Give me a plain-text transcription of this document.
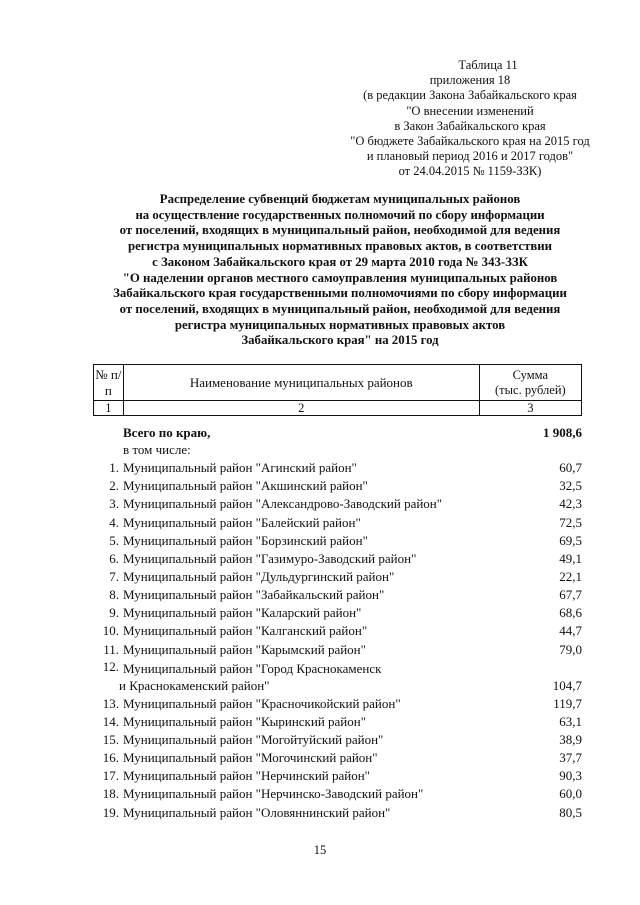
Таблица 11
приложения 18
(в редакции Закона Забайкальского края
"О внесении изменений
в Закон Забайкальского края
"О бюджете Забайкальского края на 2015 год
и плановый период 2016 и 2017 годов"
от 24.04.2015 № 1159-ЗЗК)
Распределение субвенций бюджетам муниципальных районов
на осуществление государственных полномочий по сбору информации
от поселений, входящих в муниципальный район, необходимой для ведения
регистра муниципальных нормативных правовых актов, в соответствии
с Законом Забайкальского края от 29 марта 2010 года № 343-ЗЗК
"О наделении органов местного самоуправления муниципальных районов
Забайкальского края государственными полномочиями по сбору информации
от поселений, входящих в муниципальный район, необходимой для ведения
регистра муниципальных нормативных правовых актов
Забайкальского края" на 2015 год
№ п/п	Наименование муниципальных районов	Сумма
(тыс. рублей)

1	2	3
Всего по краю,	1 908,6
в том числе:
1. Муниципальный район "Агинский район"	60,7
2. Муниципальный район "Акшинский район"	32,5
3. Муниципальный район "Александрово-Заводский район"	42,3
4. Муниципальный район "Балейский район"	72,5
5. Муниципальный район "Борзинский район"	69,5
6. Муниципальный район "Газимуро-Заводский район"	49,1
7. Муниципальный район "Дульдургинский район"	22,1
8. Муниципальный район "Забайкальский район"	67,7
9. Муниципальный район "Каларский район"	68,6
10. Муниципальный район "Калганский район"	44,7
11. Муниципальный район "Карымский район"	79,0
12. Муниципальный район "Город Краснокаменск
и Краснокаменский район"	104,7
13. Муниципальный район "Красночикойский район"	119,7
14. Муниципальный район "Кыринский район"	63,1
15. Муниципальный район "Могойтуйский район"	38,9
16. Муниципальный район "Могочинский район"	37,7
17. Муниципальный район "Нерчинский район"	90,3
18. Муниципальный район "Нерчинско-Заводский район"	60,0
19. Муниципальный район "Оловяннинский район"	80,5
15
